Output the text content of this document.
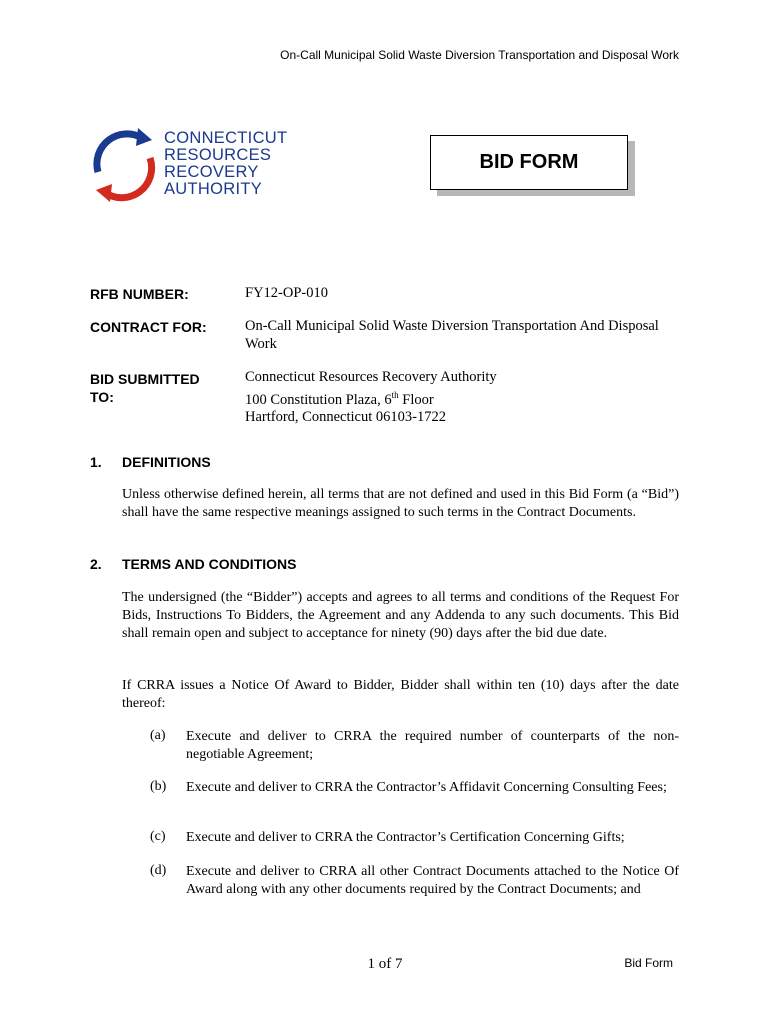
On-Call Municipal Solid Waste Diversion Transportation and Disposal Work
CONNECTICUT
RESOURCES
RECOVERY
AUTHORITY
BID FORM
RFB NUMBER:	FY12-OP-010
CONTRACT FOR:	On-Call Municipal Solid Waste Diversion Transportation And Disposal Work
BID SUBMITTED TO:
Connecticut Resources Recovery Authority
100 Constitution Plaza, 6th Floor
Hartford, Connecticut 06103-1722
1. DEFINITIONS
Unless otherwise defined herein, all terms that are not defined and used in this Bid Form (a “Bid”) shall have the same respective meanings assigned to such terms in the Contract Documents.
2. TERMS AND CONDITIONS
The undersigned (the “Bidder”) accepts and agrees to all terms and conditions of the Request For Bids, Instructions To Bidders, the Agreement and any Addenda to any such documents. This Bid shall remain open and subject to acceptance for ninety (90) days after the bid due date.
If CRRA issues a Notice Of Award to Bidder, Bidder shall within ten (10) days after the date thereof:
(a) Execute and deliver to CRRA the required number of counterparts of the non-negotiable Agreement;
(b) Execute and deliver to CRRA the Contractor’s Affidavit Concerning Consulting Fees;
(c) Execute and deliver to CRRA the Contractor’s Certification Concerning Gifts;
(d) Execute and deliver to CRRA all other Contract Documents attached to the Notice Of Award along with any other documents required by the Contract Documents; and
1 of 7	Bid Form
